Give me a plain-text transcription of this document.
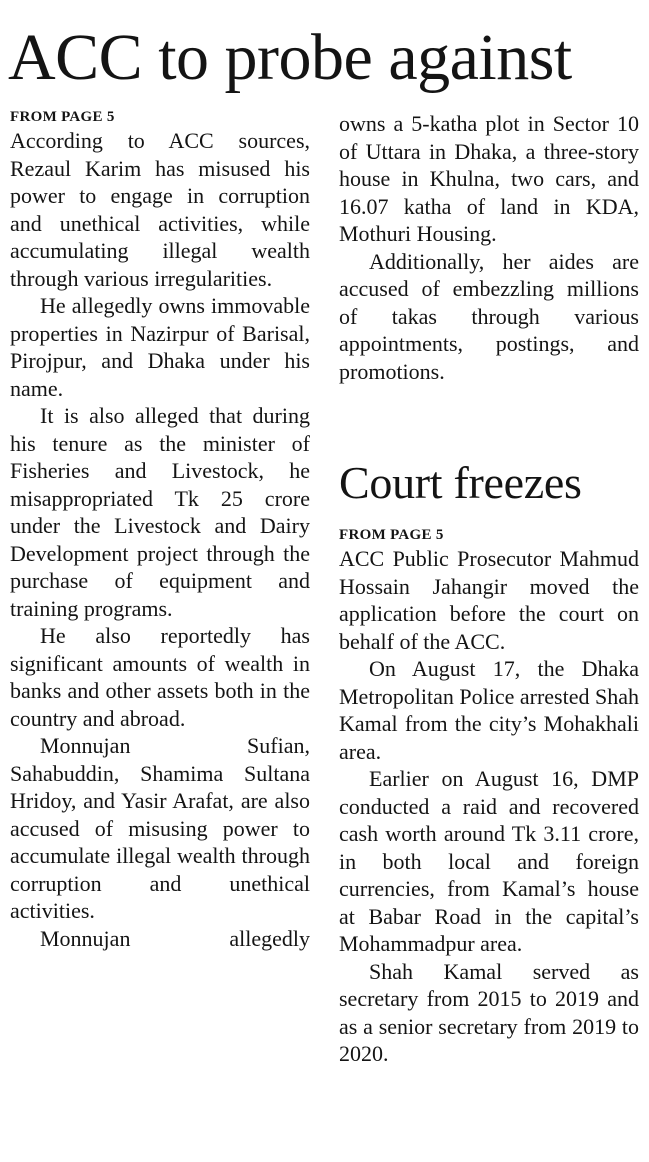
ACC to probe against
FROM PAGE 5

According to ACC sources, Rezaul Karim has misused his power to engage in corruption and unethical activities, while accumulating illegal wealth through various irregularities.

He allegedly owns immovable properties in Nazirpur of Barisal, Pirojpur, and Dhaka under his name.

It is also alleged that during his tenure as the minister of Fisheries and Livestock, he misappropriated Tk 25 crore under the Livestock and Dairy Development project through the purchase of equipment and training programs.

He also reportedly has significant amounts of wealth in banks and other assets both in the country and abroad.

Monnujan Sufian, Sahabuddin, Shamima Sultana Hridoy, and Yasir Arafat, are also accused of misusing power to accumulate illegal wealth through corruption and unethical activities.

Monnujan allegedly

owns a 5-katha plot in Sector 10 of Uttara in Dhaka, a three-story house in Khulna, two cars, and 16.07 katha of land in KDA, Mothuri Housing.

Additionally, her aides are accused of embezzling millions of takas through various appointments, postings, and promotions.

Court freezes
FROM PAGE 5

ACC Public Prosecutor Mahmud Hossain Jahangir moved the application before the court on behalf of the ACC.

On August 17, the Dhaka Metropolitan Police arrested Shah Kamal from the city’s Mohakhali area.

Earlier on August 16, DMP conducted a raid and recovered cash worth around Tk 3.11 crore, in both local and foreign currencies, from Kamal’s house at Babar Road in the capital’s Mohammadpur area.

Shah Kamal served as secretary from 2015 to 2019 and as a senior secretary from 2019 to 2020.
